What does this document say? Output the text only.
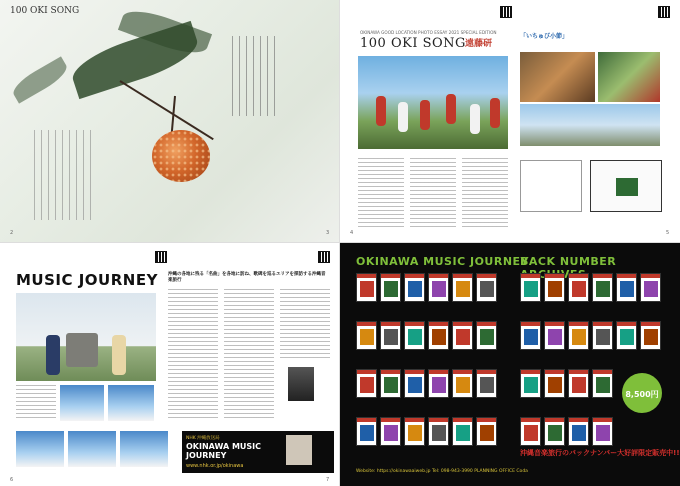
100 OKI SONG
2	3
OKINAWA GOOD LOCATION PHOTO ESSAY 2021 SPECIAL EDITION
100 OKI SONG 遠藤研
「いちゅび小節」
4	5
MUSIC JOURNEY 沖縄の各地に残る「名曲」を各地に訪ね、歌碑を巡るエリアを探訪する沖縄音楽旅行
NHK 沖縄放送局
OKINAWA MUSIC JOURNEY
www.nhk.or.jp/okinawa
6	7
OKINAWA MUSIC JOURNEY
BACK NUMBER
8,500円
沖縄音楽旅行のバックナンバー大好評限定販売中!!
Website: https://okinawaaiweb.jp Tel: 098-943-3990 PLANNING OFFICE Coda
